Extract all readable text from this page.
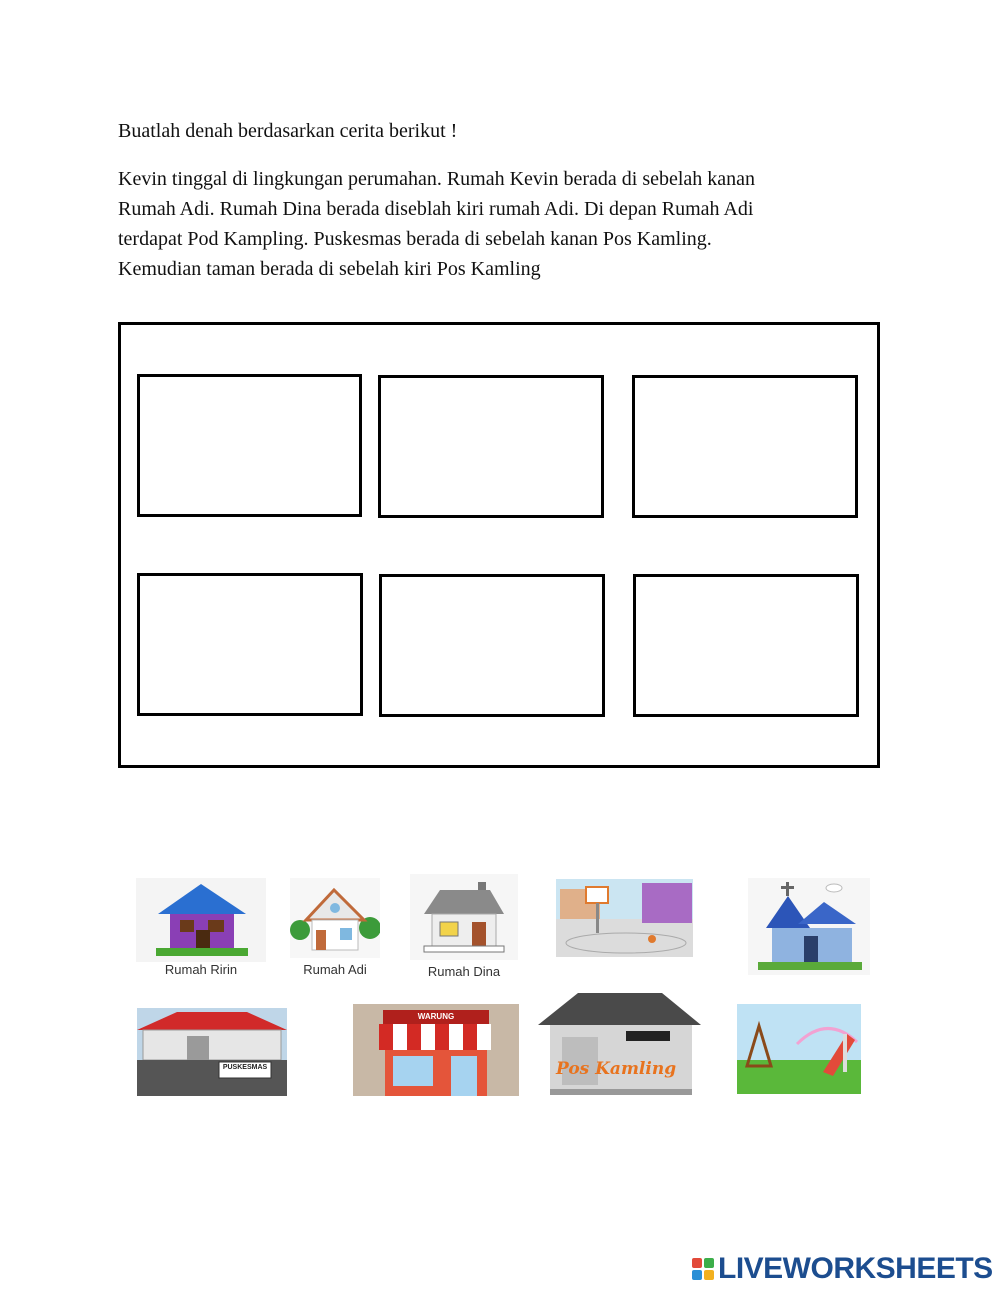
Buatlah denah berdasarkan cerita berikut !
Kevin tinggal di lingkungan perumahan. Rumah Kevin berada di sebelah kanan
Rumah Adi. Rumah Dina berada diseblah kiri rumah Adi. Di depan Rumah Adi
terdapat Pod Kampling. Puskesmas berada di sebelah kanan Pos Kamling.
Kemudian taman berada di sebelah kiri Pos Kamling
Rumah Ririn	Rumah Adi	Rumah Dina
PUSKESMAS
WARUNG
Pos Kamling
LIVEWORKSHEETS
